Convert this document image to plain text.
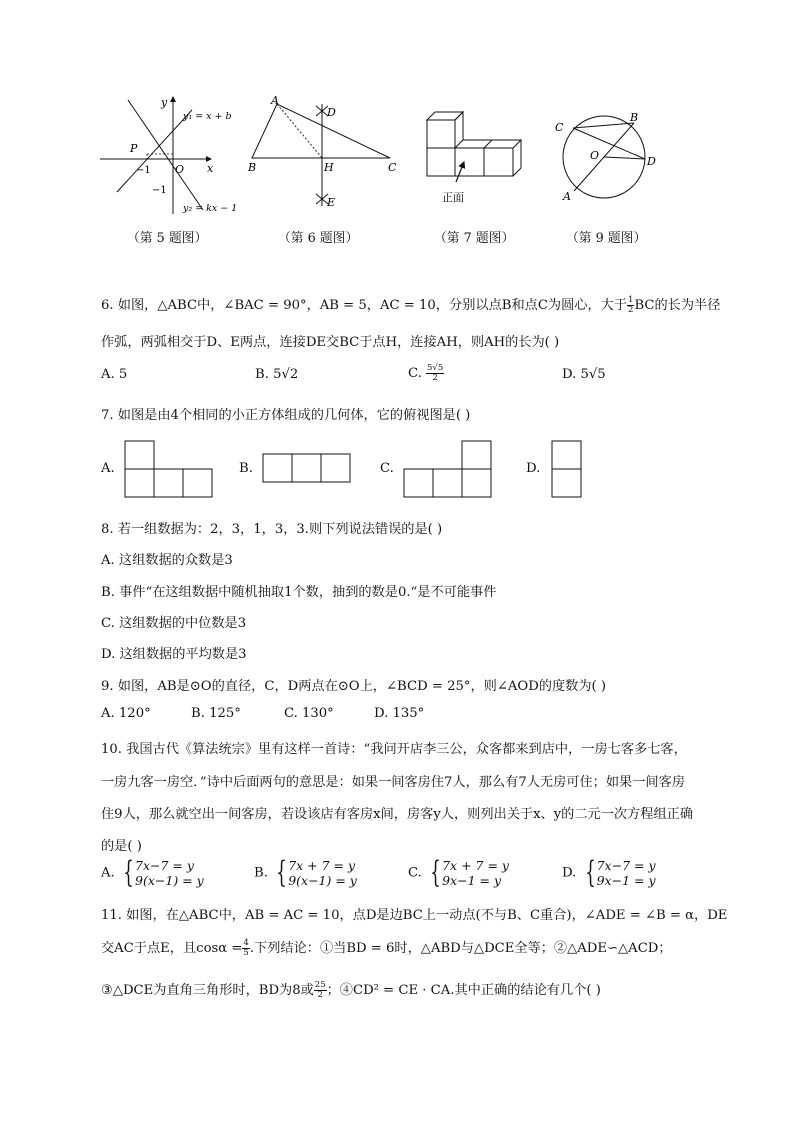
y
x
O
P
−1
−1
y₁ = x + b
y₂ = kx − 1
（第 5 题图）
A
B	C
D
H
E
（第 6 题图）
正面
（第 7 题图）
C
B
O	D
A
（第 9 题图）
6. 如图，△ABC中，∠BAC = 90°，AB = 5，AC = 10，分别以点B和点C为圆心，大于 $\frac{1}{2}$ BC的长为半径
作弧，两弧相交于D、E两点，连接DE交BC于点H，连接AH，则AH的长为( )
A. 5	B. 5√2	C. $\frac{5√5}{2}$	D. 5√5
7. 如图是由4个相同的小正方体组成的几何体，它的俯视图是( )
A.	B.	C.	D.
8. 若一组数据为：2，3，1，3，3.则下列说法错误的是( )
A. 这组数据的众数是3
B. 事件“在这组数据中随机抽取1个数，抽到的数是0.“是不可能事件
C. 这组数据的中位数是3
D. 这组数据的平均数是3
9. 如图，AB是⊙O的直径，C，D两点在⊙O上，∠BCD = 25°，则∠AOD的度数为( )
A. 120°	B. 125°	C. 130°	D. 135°
10. 我国古代《算法统宗》里有这样一首诗：“我问开店李三公，众客都来到店中，一房七客多七客，
一房九客一房空．”诗中后面两句的意思是：如果一间客房住7人，那么有7人无房可住；如果一间客房
住9人，那么就空出一间客房，若设该店有客房x间，房客y人，则列出关于x、y的二元一次方程组正确
的是( )
A. { 7x−7 = y
9(x−1) = y	B. { 7x + 7 = y
9(x−1) = y	C. { 7x + 7 = y
9x−1 = y	D. { 7x−7 = y
9x−1 = y
11. 如图，在△ABC中，AB = AC = 10，点D是边BC上一动点(不与B、C重合)，∠ADE = ∠B = α，DE
交AC于点E，且$\cos\alpha = \frac{4}{5}$ .下列结论：①当BD = 6时，△ABD与△DCE全等；②△ADE∽△ACD；
③△DCE为直角三角形时，BD为8或 $\frac{25}{2}$ ；④CD² = CE · CA.其中正确的结论有几个( )
